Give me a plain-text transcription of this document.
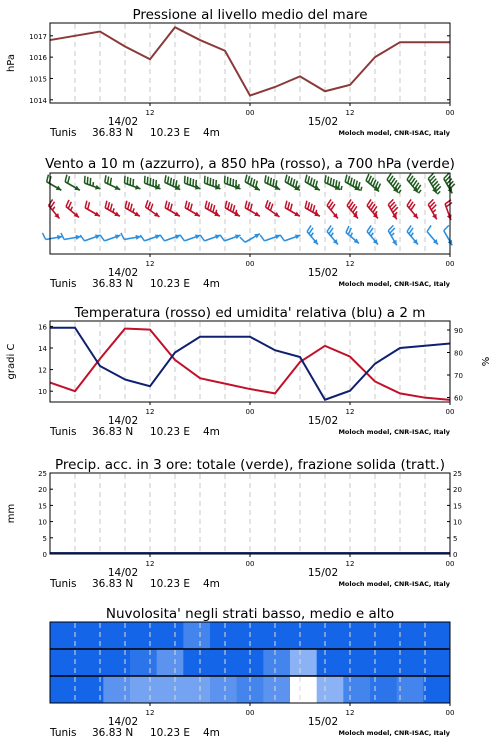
Pressione al livello medio del mare
1014
1015
1016
1017
hPa
12	00	12	00
14/02	15/02
Tunis 36.83 N 10.23 E 4m	Moloch model, CNR-ISAC, Italy
Vento a 10 m (azzurro), a 850 hPa (rosso), a 700 hPa (verde)
12	00	12	00
14/02	15/02
Tunis 36.83 N 10.23 E 4m	Moloch model, CNR-ISAC, Italy
Temperatura (rosso) ed umidita' relativa (blu) a 2 m
10
12
14
16
60
70
80
90
gradi C	%
12	00	12	00
14/02	15/02
Tunis 36.83 N 10.23 E 4m	Moloch model, CNR-ISAC, Italy
Precip. acc. in 3 ore: totale (verde), frazione solida (tratt.)
0	0
5	5
10	10
15	15
20	20
25	25
mm
12	00	12	00
14/02	15/02
Tunis 36.83 N 10.23 E 4m	Moloch model, CNR-ISAC, Italy
Nuvolosita' negli strati basso, medio e alto
12	00	12	00
14/02	15/02
Tunis 36.83 N 10.23 E 4m	Moloch model, CNR-ISAC, Italy
